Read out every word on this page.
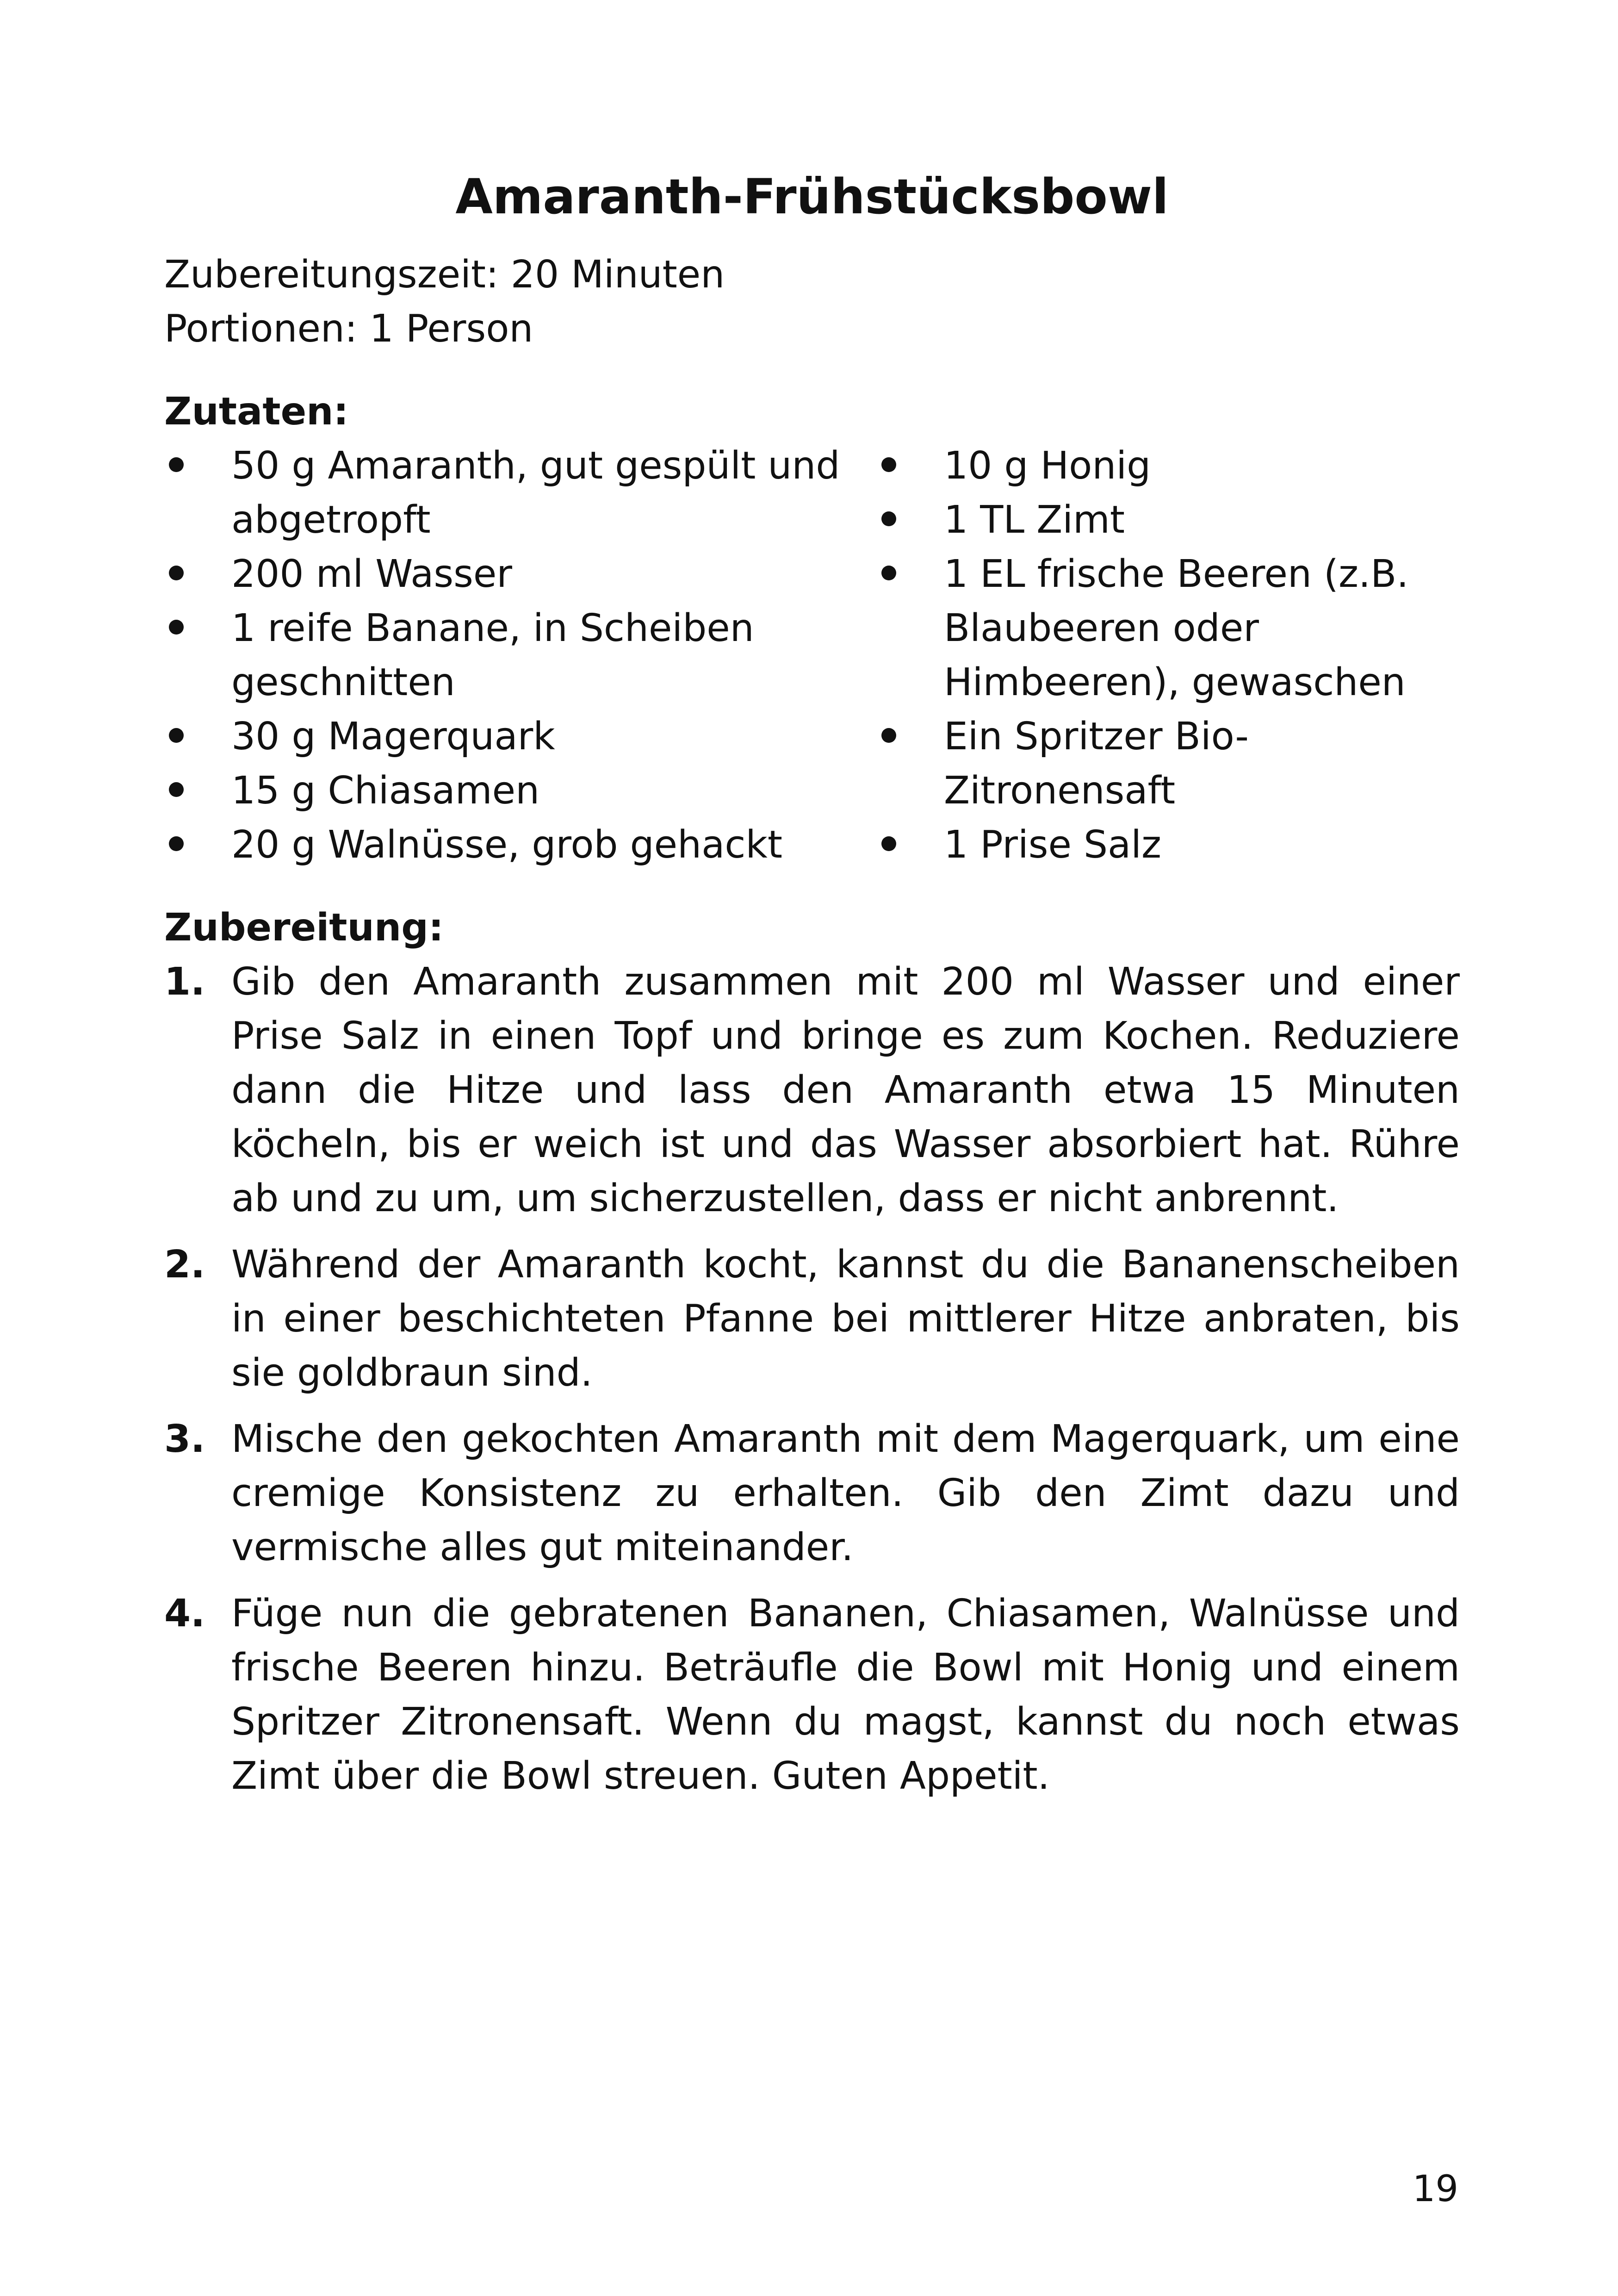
Amaranth-Frühstücksbowl

Zubereitungszeit: 20 Minuten

Portionen: 1 Person

Zutaten:

50 g Amaranth, gut gespült und abgetropft
200 ml Wasser
1 reife Banane, in Scheiben geschnitten
30 g Magerquark
15 g Chiasamen
20 g Walnüsse, grob gehackt
10 g Honig
1 TL Zimt
1 EL frische Beeren (z.B. Blaubeeren oder Himbeeren), gewaschen
Ein Spritzer Bio-Zitronensaft
1 Prise Salz

Zubereitung:

1. Gib den Amaranth zusammen mit 200 ml Wasser und einer Prise Salz in einen Topf und bringe es zum Kochen. Reduziere dann die Hitze und lass den Amaranth etwa 15 Minuten köcheln, bis er weich ist und das Wasser absorbiert hat. Rühre ab und zu um, um sicherzustellen, dass er nicht anbrennt.
2. Während der Amaranth kocht, kannst du die Bananenscheiben in einer beschichteten Pfanne bei mittlerer Hitze anbraten, bis sie goldbraun sind.
3. Mische den gekochten Amaranth mit dem Magerquark, um eine cremige Konsistenz zu erhalten. Gib den Zimt dazu und vermische alles gut miteinander.
4. Füge nun die gebratenen Bananen, Chiasamen, Walnüsse und frische Beeren hinzu. Beträufle die Bowl mit Honig und einem Spritzer Zitronensaft. Wenn du magst, kannst du noch etwas Zimt über die Bowl streuen. Guten Appetit.
19
